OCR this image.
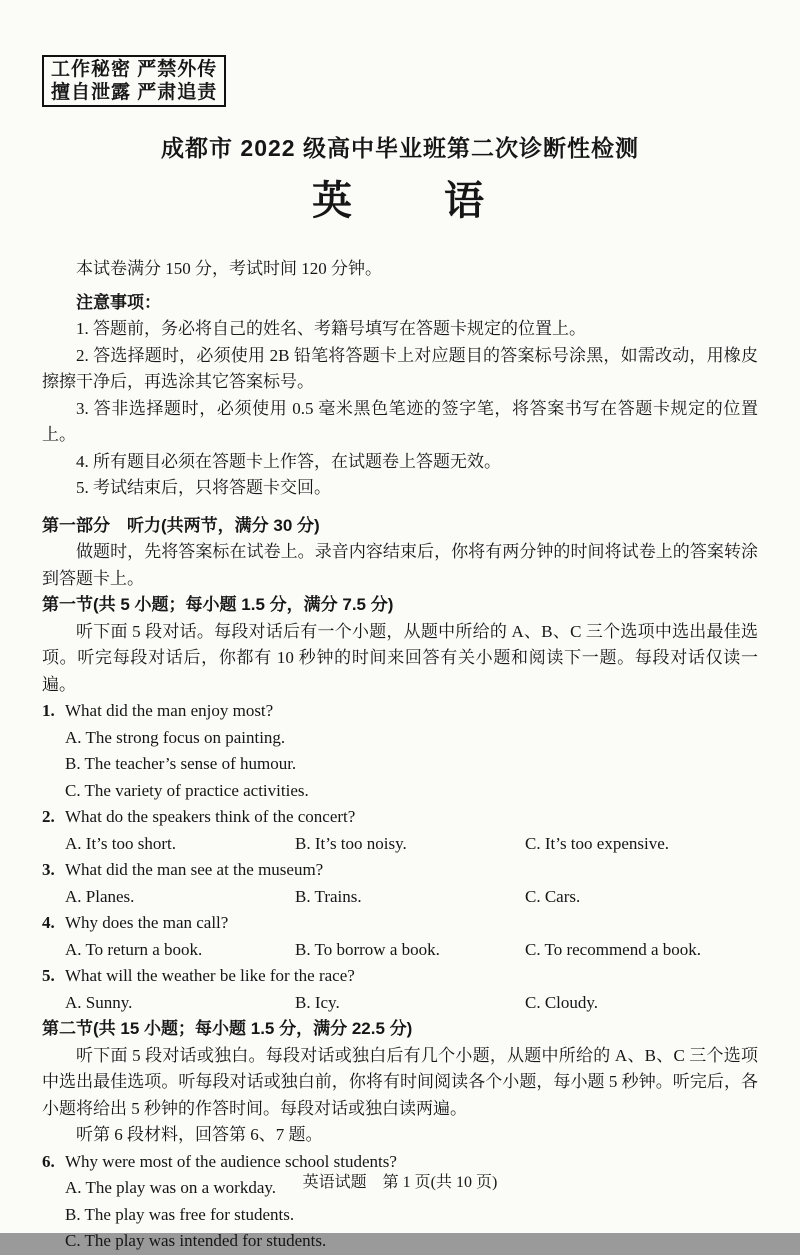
工作秘密 严禁外传
擅自泄露 严肃追责
成都市 2022 级高中毕业班第二次诊断性检测
英　　语

本试卷满分 150 分，考试时间 120 分钟。

注意事项：

1. 答题前，务必将自己的姓名、考籍号填写在答题卡规定的位置上。

2. 答选择题时，必须使用 2B 铅笔将答题卡上对应题目的答案标号涂黑，如需改动，用橡皮擦擦干净后，再选涂其它答案标号。

3. 答非选择题时，必须使用 0.5 毫米黑色笔迹的签字笔，将答案书写在答题卡规定的位置上。

4. 所有题目必须在答题卡上作答，在试题卷上答题无效。

5. 考试结束后，只将答题卡交回。

第一部分　听力(共两节，满分 30 分)

做题时，先将答案标在试卷上。录音内容结束后，你将有两分钟的时间将试卷上的答案转涂到答题卡上。

第一节(共 5 小题；每小题 1.5 分，满分 7.5 分)

听下面 5 段对话。每段对话后有一个小题，从题中所给的 A、B、C 三个选项中选出最佳选项。听完每段对话后，你都有 10 秒钟的时间来回答有关小题和阅读下一题。每段对话仅读一遍。

1. What did the man enjoy most?

A. The strong focus on painting.
B. The teacher’s sense of humour.
C. The variety of practice activities.
2. What do the speakers think of the concert?

A. It’s too short.	B. It’s too noisy.	C. It’s too expensive.
3. What did the man see at the museum?

A. Planes.	B. Trains.	C. Cars.
4. Why does the man call?

A. To return a book.	B. To borrow a book.	C. To recommend a book.
5. What will the weather be like for the race?

A. Sunny.	B. Icy.	C. Cloudy.

第二节(共 15 小题；每小题 1.5 分，满分 22.5 分)

听下面 5 段对话或独白。每段对话或独白后有几个小题，从题中所给的 A、B、C 三个选项中选出最佳选项。听每段对话或独白前，你将有时间阅读各个小题，每小题 5 秒钟。听完后，各小题将给出 5 秒钟的作答时间。每段对话或独白读两遍。

听第 6 段材料，回答第 6、7 题。

6. Why were most of the audience school students?

A. The play was on a workday.
B. The play was free for students.
C. The play was intended for students.
英语试题　第 1 页(共 10 页)
